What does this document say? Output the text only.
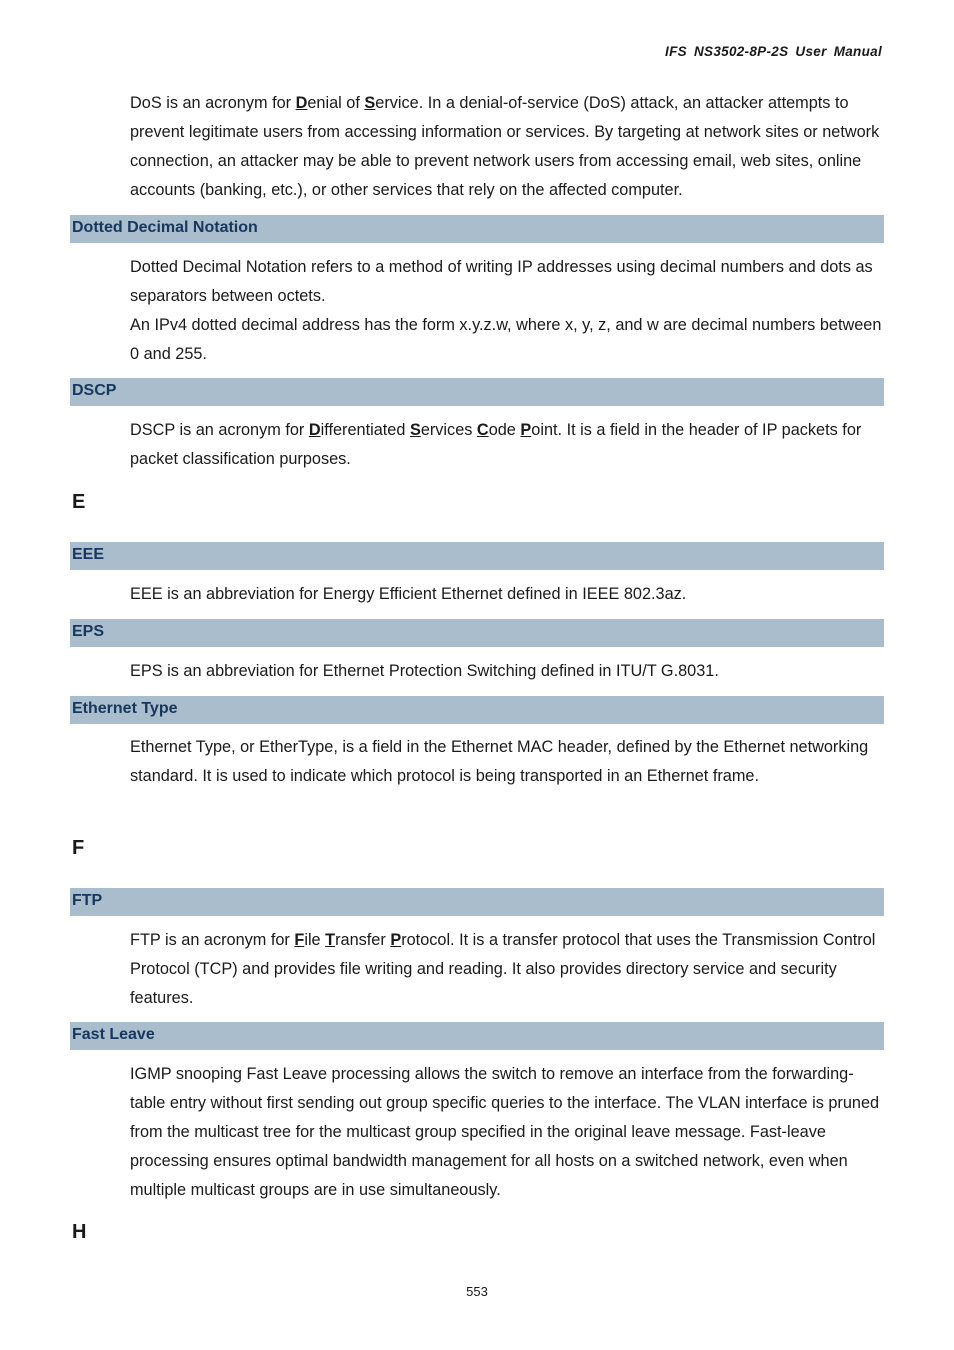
IFS NS3502-8P-2S User Manual
DoS is an acronym for Denial of Service. In a denial-of-service (DoS) attack, an attacker attempts to prevent legitimate users from accessing information or services. By targeting at network sites or network connection, an attacker may be able to prevent network users from accessing email, web sites, online accounts (banking, etc.), or other services that rely on the affected computer.
Dotted Decimal Notation
Dotted Decimal Notation refers to a method of writing IP addresses using decimal numbers and dots as separators between octets.
An IPv4 dotted decimal address has the form x.y.z.w, where x, y, z, and w are decimal numbers between 0 and 255.
DSCP
DSCP is an acronym for Differentiated Services Code Point. It is a field in the header of IP packets for packet classification purposes.
E
EEE
EEE is an abbreviation for Energy Efficient Ethernet defined in IEEE 802.3az.
EPS
EPS is an abbreviation for Ethernet Protection Switching defined in ITU/T G.8031.
Ethernet Type
Ethernet Type, or EtherType, is a field in the Ethernet MAC header, defined by the Ethernet networking standard. It is used to indicate which protocol is being transported in an Ethernet frame.
F
FTP
FTP is an acronym for File Transfer Protocol. It is a transfer protocol that uses the Transmission Control Protocol (TCP) and provides file writing and reading. It also provides directory service and security features.
Fast Leave
IGMP snooping Fast Leave processing allows the switch to remove an interface from the forwarding-table entry without first sending out group specific queries to the interface. The VLAN interface is pruned from the multicast tree for the multicast group specified in the original leave message. Fast-leave processing ensures optimal bandwidth management for all hosts on a switched network, even when multiple multicast groups are in use simultaneously.
H
553
